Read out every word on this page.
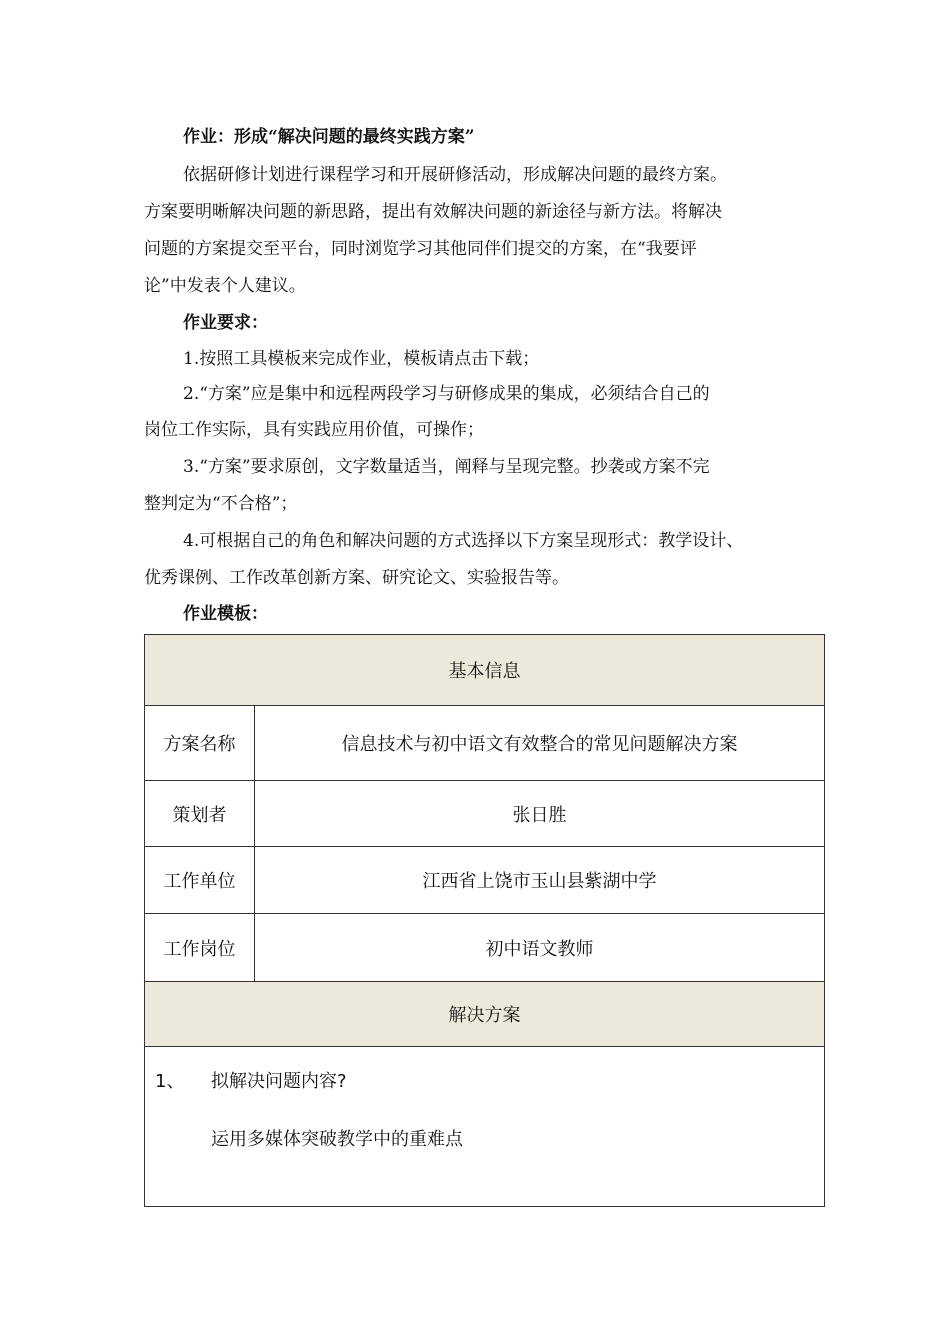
作业：形成“解决问题的最终实践方案”
依据研修计划进行课程学习和开展研修活动，形成解决问题的最终方案。
方案要明晰解决问题的新思路，提出有效解决问题的新途径与新方法。将解决
问题的方案提交至平台，同时浏览学习其他同伴们提交的方案，在“我要评
论”中发表个人建议。
作业要求：
1.按照工具模板来完成作业，模板请点击下载；
2.“方案”应是集中和远程两段学习与研修成果的集成，必须结合自己的
岗位工作实际，具有实践应用价值，可操作；
3.“方案”要求原创，文字数量适当，阐释与呈现完整。抄袭或方案不完
整判定为“不合格”；
4.可根据自己的角色和解决问题的方式选择以下方案呈现形式：教学设计、
优秀课例、工作改革创新方案、研究论文、实验报告等。
作业模板：
基本信息	
方案名称	信息技术与初中语文有效整合的常见问题解决方案
策划者	张日胜
工作单位	江西省上饶市玉山县紫湖中学
工作岗位	初中语文教师
解决方案	

1、 拟解决问题内容?
运用多媒体突破教学中的重难点	
